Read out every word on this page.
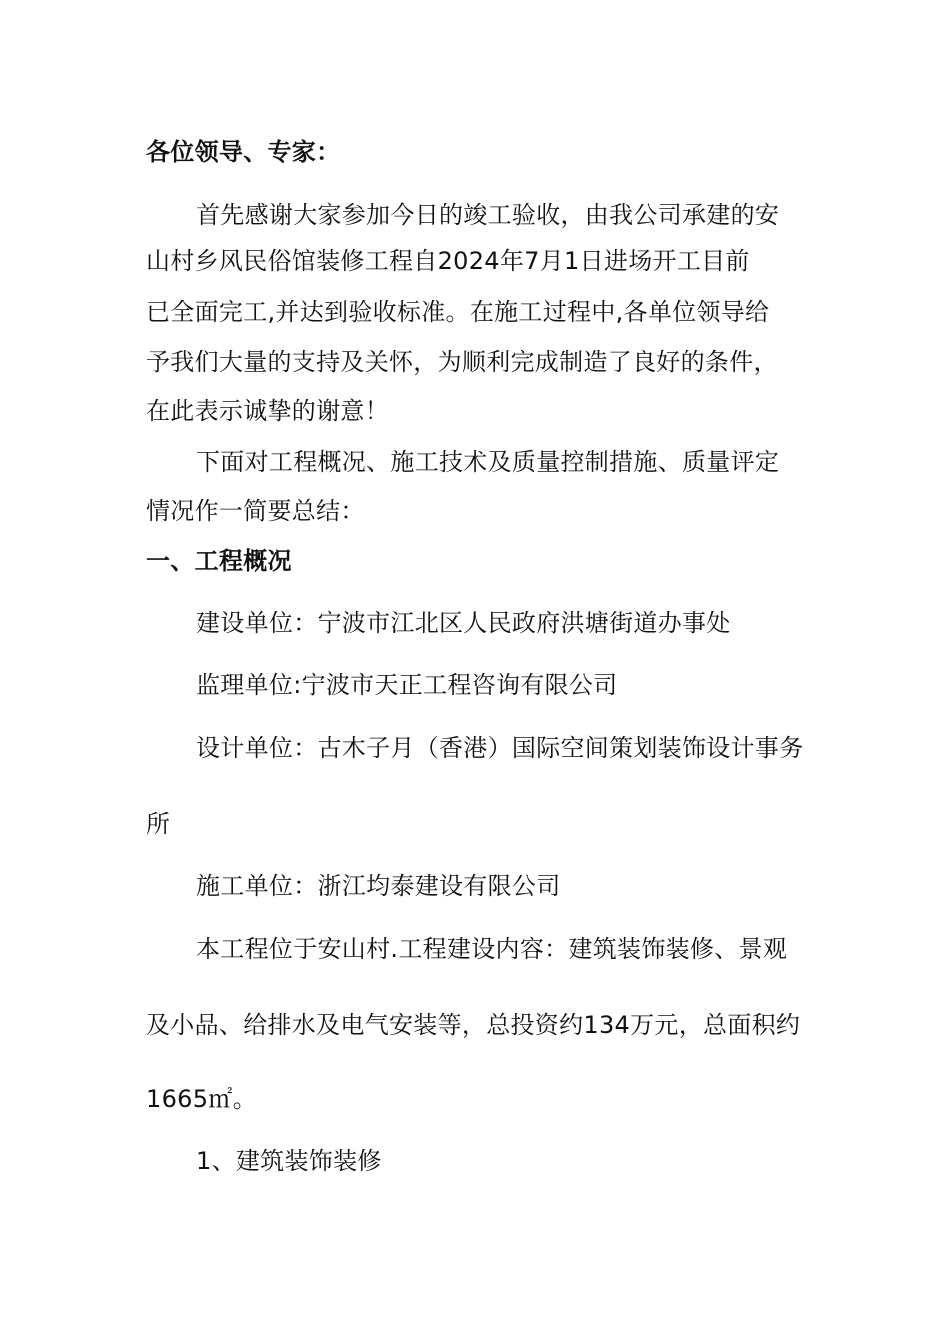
各位领导、专家：
首先感谢大家参加今日的竣工验收，由我公司承建的安
山村乡风民俗馆装修工程自2024年7月1日进场开工目前
已全面完工,并达到验收标准。在施工过程中,各单位领导给
予我们大量的支持及关怀，为顺利完成制造了良好的条件，
在此表示诚挚的谢意！
下面对工程概况、施工技术及质量控制措施、质量评定
情况作一简要总结：
一、工程概况
建设单位：宁波市江北区人民政府洪塘街道办事处
监理单位:宁波市天正工程咨询有限公司
设计单位：古木子月（香港）国际空间策划装饰设计事务
所
施工单位：浙江均泰建设有限公司
本工程位于安山村.工程建设内容：建筑装饰装修、景观
及小品、给排水及电气安装等，总投资约134万元，总面积约
1665㎡。
1、建筑装饰装修
